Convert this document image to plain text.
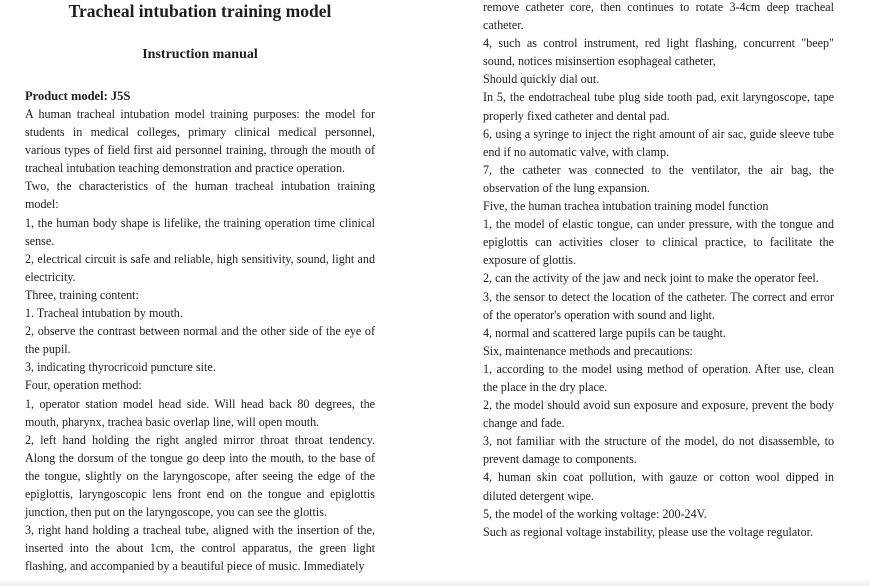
Tracheal intubation training model
Instruction manual

Product model: J5S

A human tracheal intubation model training purposes: the model for students in medical colleges, primary clinical medical personnel, various types of field first aid personnel training, through the mouth of tracheal intubation teaching demonstration and practice operation.

Two, the characteristics of the human tracheal intubation training model:

1, the human body shape is lifelike, the training operation time clinical sense.

2, electrical circuit is safe and reliable, high sensitivity, sound, light and electricity.

Three, training content:

1. Tracheal intubation by mouth.

2, observe the contrast between normal and the other side of the eye of the pupil.

3, indicating thyrocricoid puncture site.

Four, operation method:

1, operator station model head side. Will head back 80 degrees, the mouth, pharynx, trachea basic overlap line, will open mouth.

2, left hand holding the right angled mirror throat throat tendency. Along the dorsum of the tongue go deep into the mouth, to the base of the tongue, slightly on the laryngoscope, after seeing the edge of the epiglottis, laryngoscopic lens front end on the tongue and epiglottis junction, then put on the laryngoscope, you can see the glottis.

3, right hand holding a tracheal tube, aligned with the insertion of the, inserted into the about 1cm, the control apparatus, the green light flashing, and accompanied by a beautiful piece of music. Immediately

remove catheter core, then continues to rotate 3-4cm deep tracheal catheter.

4, such as control instrument, red light flashing, concurrent "beep" sound, notices misinsertion esophageal catheter,

Should quickly dial out.

In 5, the endotracheal tube plug side tooth pad, exit laryngoscope, tape properly fixed catheter and dental pad.

6, using a syringe to inject the right amount of air sac, guide sleeve tube end if no automatic valve, with clamp.

7, the catheter was connected to the ventilator, the air bag, the observation of the lung expansion.

Five, the human trachea intubation training model function

1, the model of elastic tongue, can under pressure, with the tongue and epiglottis can activities closer to clinical practice, to facilitate the exposure of glottis.

2, can the activity of the jaw and neck joint to make the operator feel.

3, the sensor to detect the location of the catheter. The correct and error of the operator's operation with sound and light.

4, normal and scattered large pupils can be taught.

Six, maintenance methods and precautions:

1, according to the model using method of operation. After use, clean the place in the dry place.

2, the model should avoid sun exposure and exposure, prevent the body change and fade.

3, not familiar with the structure of the model, do not disassemble, to prevent damage to components.

4, human skin coat pollution, with gauze or cotton wool dipped in diluted detergent wipe.

5, the model of the working voltage: 200-24V.

Such as regional voltage instability, please use the voltage regulator.
